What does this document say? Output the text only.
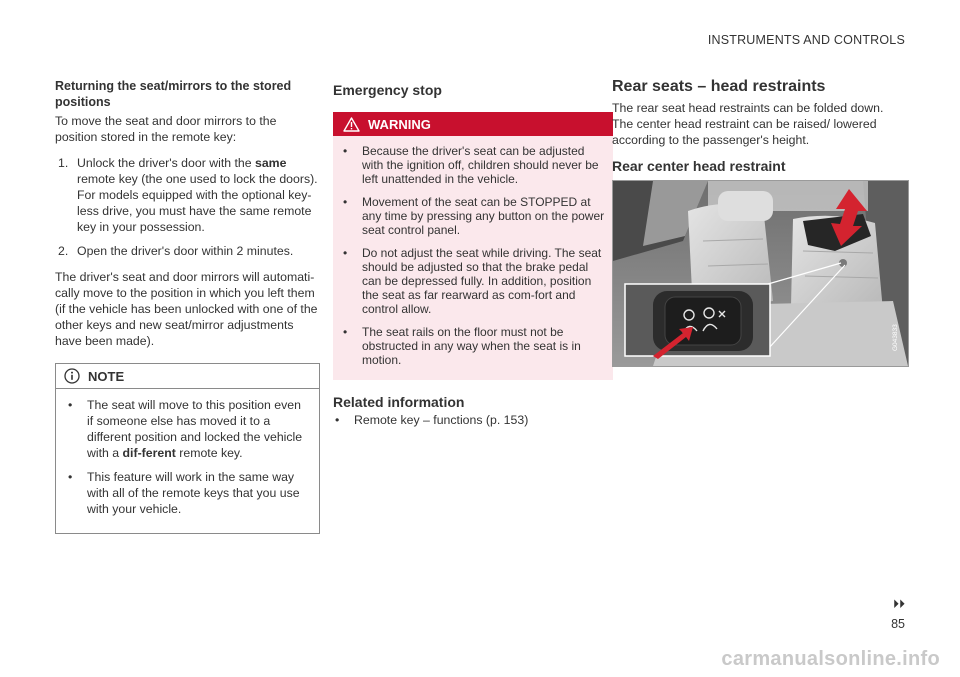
INSTRUMENTS AND CONTROLS
Returning the seat/mirrors to the stored
positions

To move the seat and door mirrors to the position stored in the remote key:

1. Unlock the driver's door with the same remote key (the one used to lock the doors). For models equipped with the optional key-less drive, you must have the same remote key in your possession.
2. Open the driver's door within 2 minutes.

The driver's seat and door mirrors will automati-cally move to the position in which you left them (if the vehicle has been unlocked with one of the other keys and new seat/mirror adjustments have been made).

NOTE
• The seat will move to this position even if someone else has moved it to a different position and locked the vehicle with a dif-ferent remote key.
• This feature will work in the same way with all of the remote keys that you use with your vehicle.
Emergency stop
WARNING
• Because the driver's seat can be adjusted with the ignition off, children should never be left unattended in the vehicle.
• Movement of the seat can be STOPPED at any time by pressing any button on the power seat control panel.
• Do not adjust the seat while driving. The seat should be adjusted so that the brake pedal can be depressed fully. In addition, position the seat as far rearward as com-fort and control allow.
• The seat rails on the floor must not be obstructed in any way when the seat is in motion.
Related information
• Remote key – functions (p. 153)
Rear seats – head restraints

The rear seat head restraints can be folded down. The center head restraint can be raised/ lowered according to the passenger's height.

Rear center head restraint
G043833
⏵⏵
85
carmanualsonline.info
